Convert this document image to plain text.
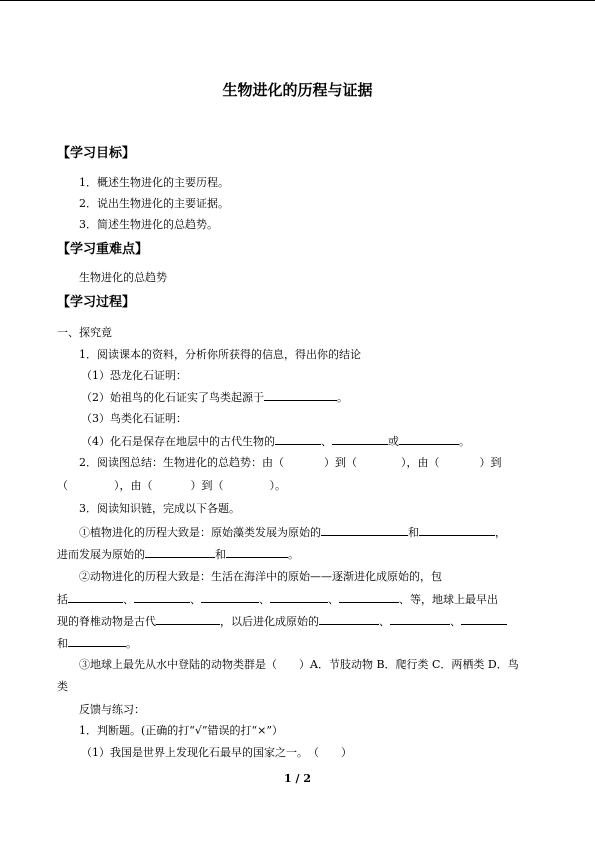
生物进化的历程与证据
【学习目标】
1．概述生物进化的主要历程。
2．说出生物进化的主要证据。
3．简述生物进化的总趋势。
【学习重难点】
生物进化的总趋势
【学习过程】
一、探究竟
1．阅读课本的资料，分析你所获得的信息，得出你的结论
（1）恐龙化石证明：
（2）始祖鸟的化石证实了鸟类起源于	。
（3）鸟类化石证明：
（4）化石是保存在地层中的古代生物的	、	或	。
2．阅读图总结：生物进化的总趋势：由（	）到（	），由（	）到
（	），由（	）到（	）。
3．阅读知识链，完成以下各题。
①植物进化的历程大致是：原始藻类发展为原始的	和	，
进而发展为原始的	和	。
②动物进化的历程大致是：生活在海洋中的原始——逐渐进化成原始的，包
括	、	、	、	、	、等，地球上最早出
现的脊椎动物是古代	，以后进化成原始的	、	、
和	。
③地球上最先从水中登陆的动物类群是（　　）A．节肢动物 B．爬行类 C．两栖类 D．鸟
类
反馈与练习：
1．判断题。(正确的打“√”错误的打“×”）
（1）我国是世界上发现化石最早的国家之一。　（　　）
1 / 2
